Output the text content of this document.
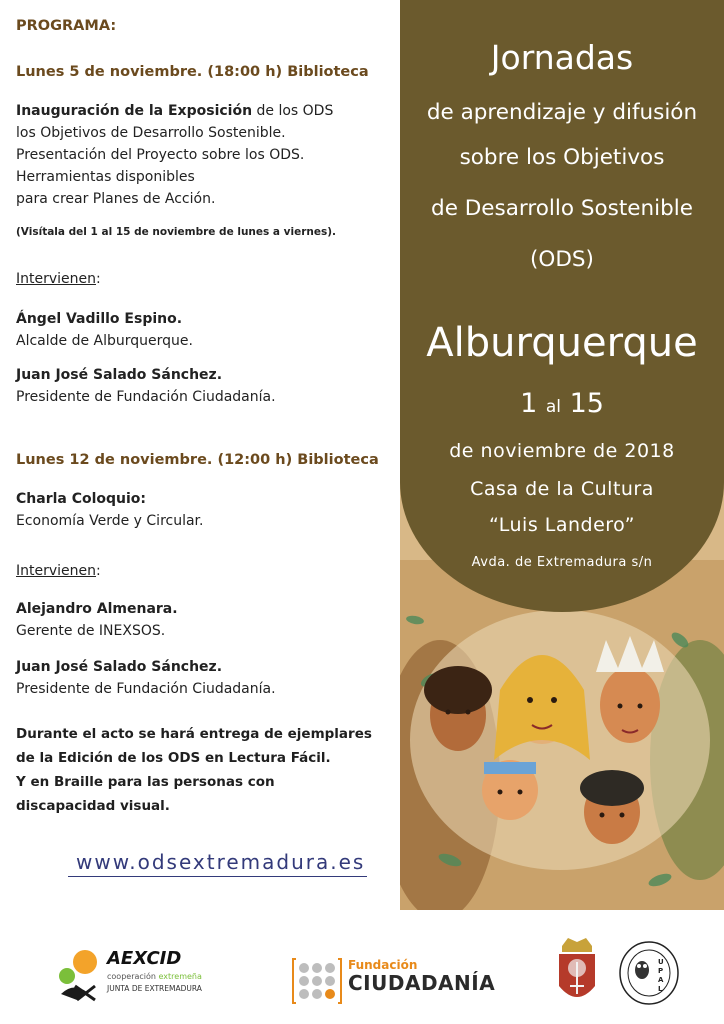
PROGRAMA:
Lunes 5 de noviembre. (18:00 h) Biblioteca
Inauguración de la Exposición de los ODS
los Objetivos de Desarrollo Sostenible.
Presentación del Proyecto sobre los ODS.
Herramientas disponibles
para crear Planes de Acción.
(Visítala del 1 al 15 de noviembre de lunes a viernes).
Intervienen:
Ángel Vadillo Espino.
Alcalde de Alburquerque.
Juan José Salado Sánchez.
Presidente de Fundación Ciudadanía.
Lunes 12 de noviembre. (12:00 h) Biblioteca
Charla Coloquio:
Economía Verde y Circular.
Intervienen:
Alejandro Almenara.
Gerente de INEXSOS.
Juan José Salado Sánchez.
Presidente de Fundación Ciudadanía.
Durante el acto se hará entrega de ejemplares
de la Edición de los ODS en Lectura Fácil.
Y en Braille para las personas con
discapacidad visual.
www.odsextremadura.es
Jornadas
de aprendizaje y difusión
sobre los Objetivos
de Desarrollo Sostenible
(ODS)
Alburquerque
1 al 15
de noviembre de 2018
Casa de la Cultura
“Luis Landero”
Avda. de Extremadura s/n
AEXCID
cooperación extremeña
JUNTA DE EXTREMADURA
Fundación
CIUDADANÍA
U
P
A
L
